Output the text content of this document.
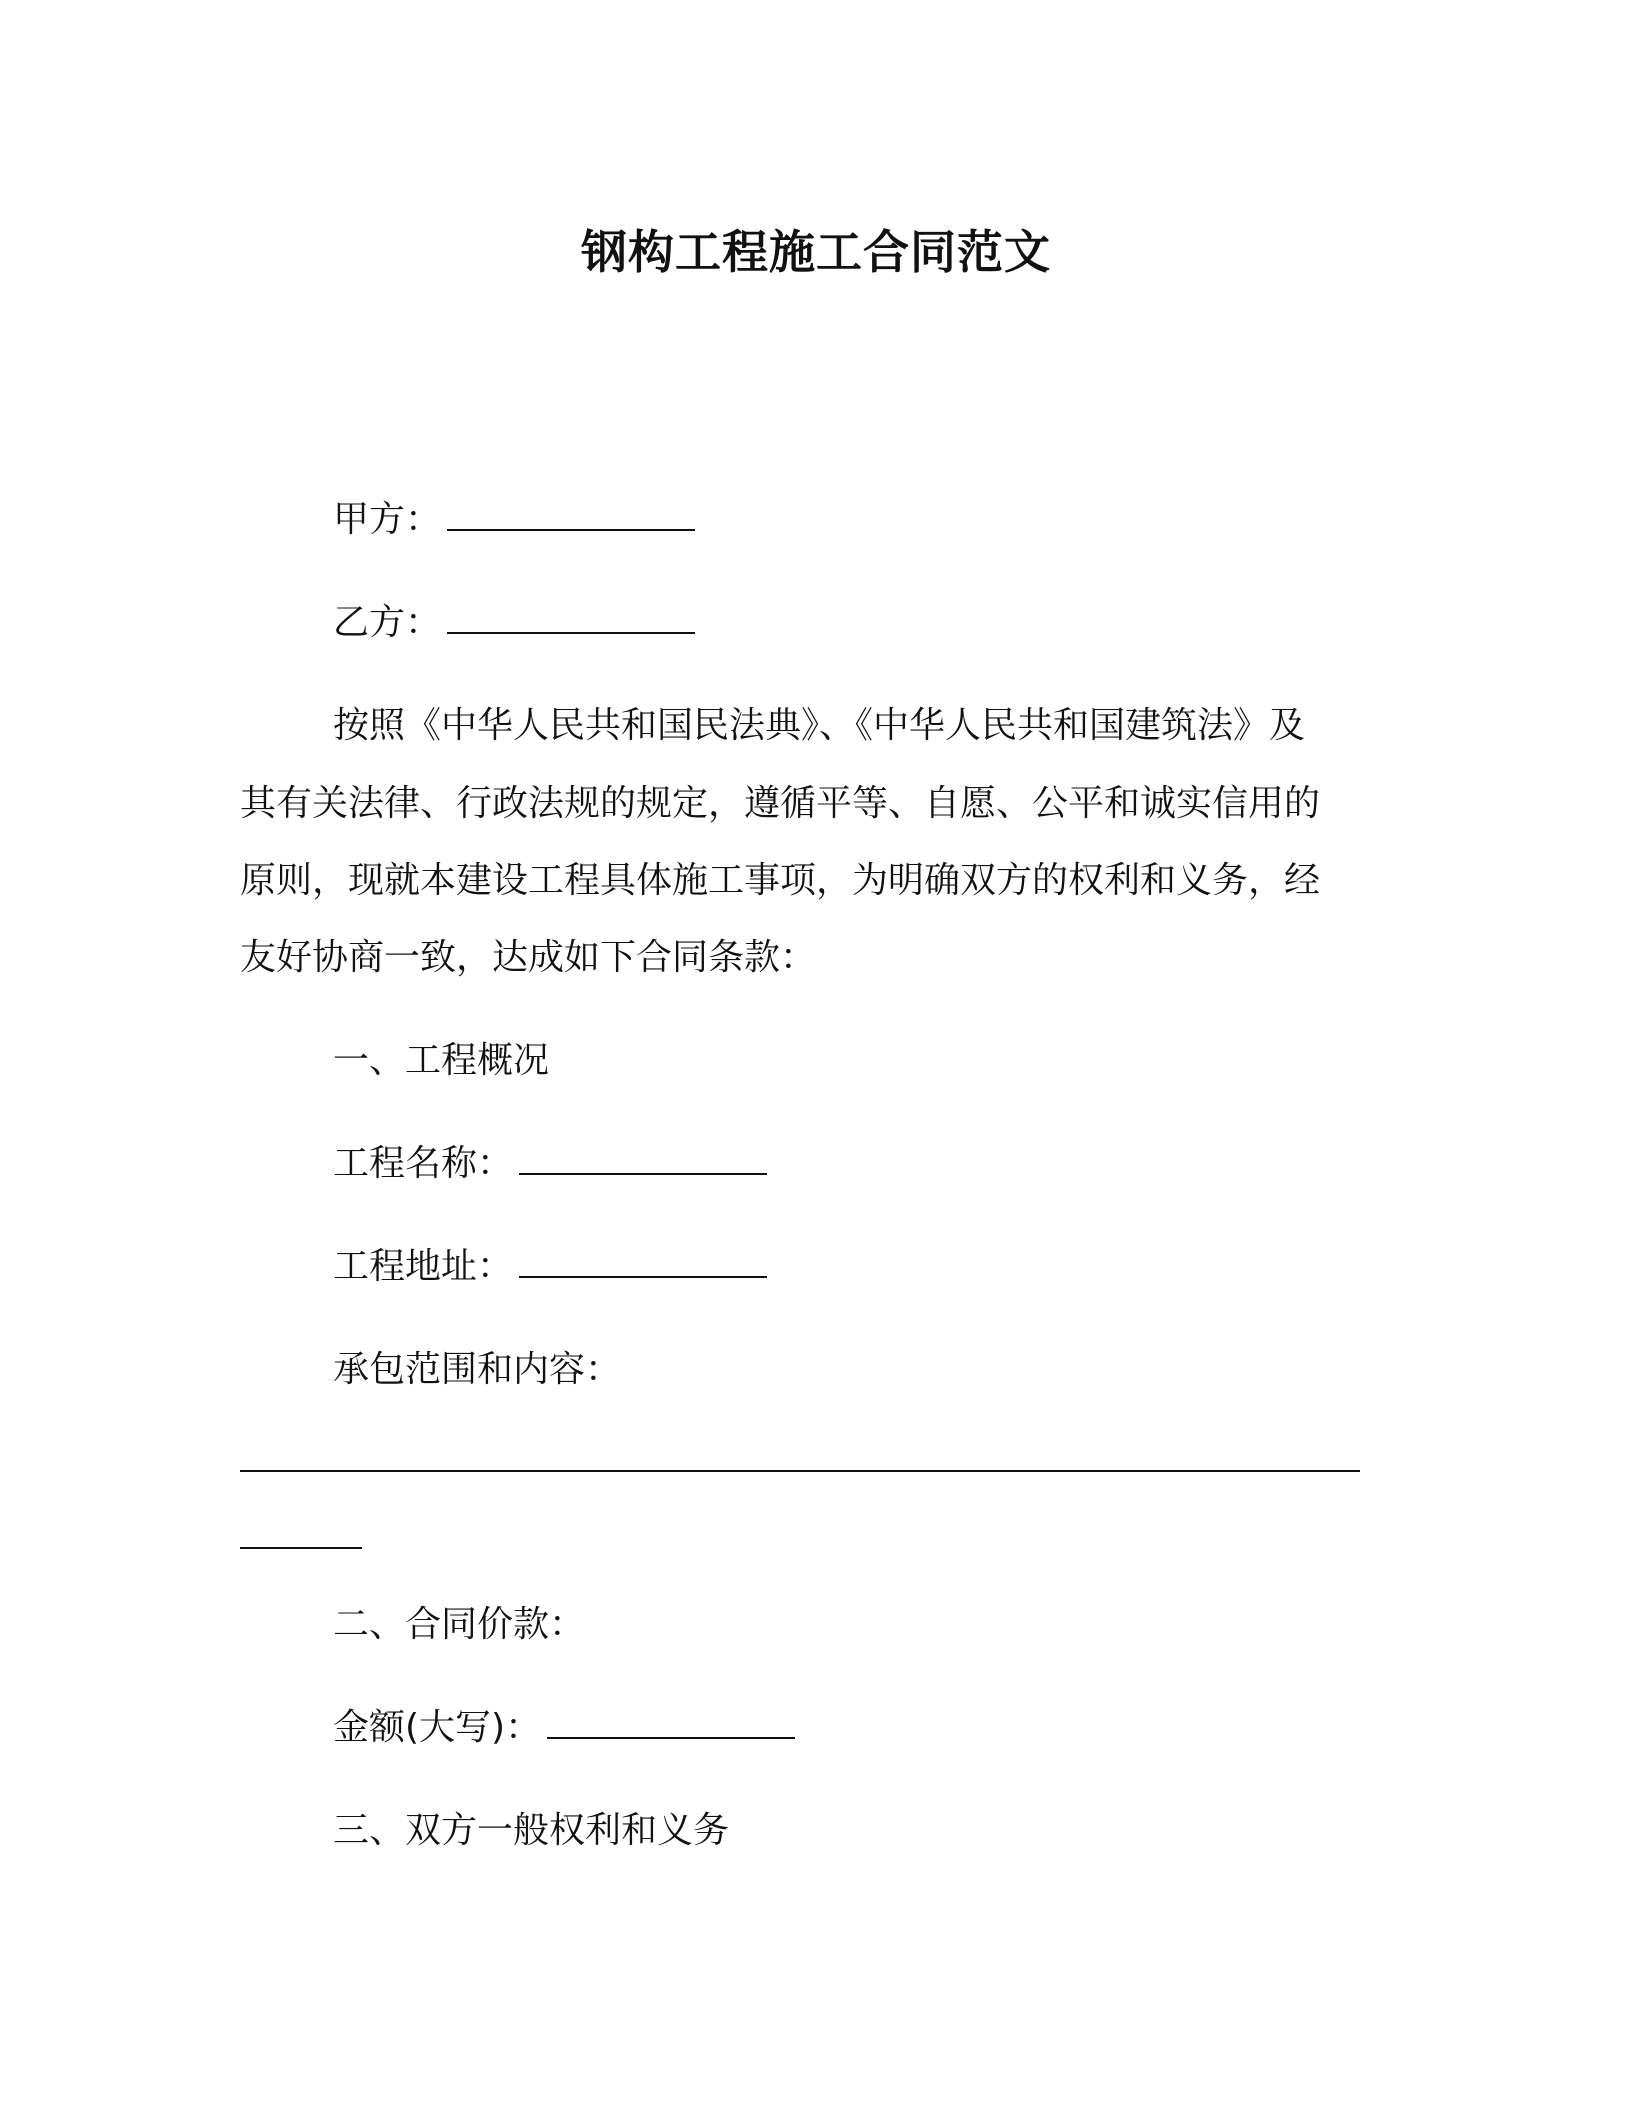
钢构工程施工合同范文
甲方：
乙方：
按照《中华人民共和国民法典》、《中华人民共和国建筑法》及
其有关法律、行政法规的规定，遵循平等、自愿、公平和诚实信用的
原则，现就本建设工程具体施工事项，为明确双方的权利和义务，经
友好协商一致，达成如下合同条款：
一、工程概况
工程名称：
工程地址：
承包范围和内容：
二、合同价款：
金额(大写)：
三、双方一般权利和义务
